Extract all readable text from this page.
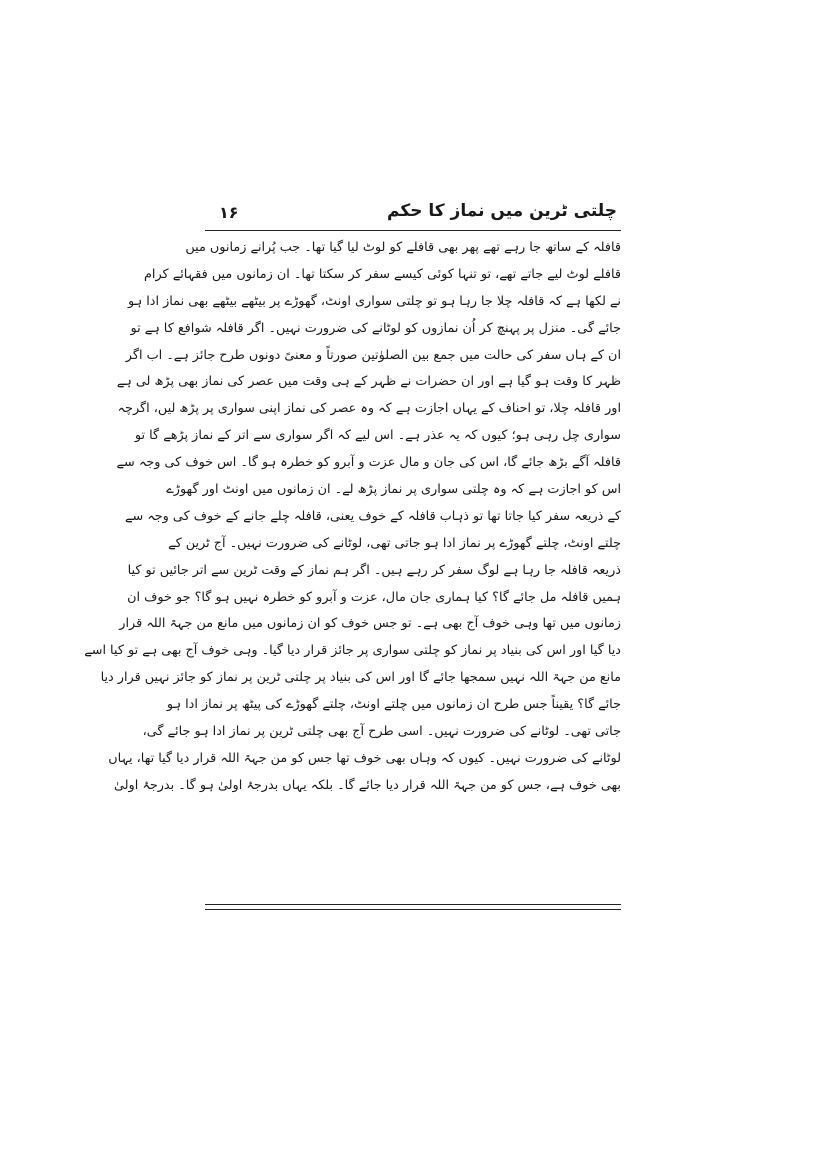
چلتی ٹرین میں نماز کا حکم
۱۶
قافلہ کے ساتھ جا رہے تھے پھر بھی قافلے کو لوٹ لیا گیا تھا۔ جب پُرانے زمانوں میں
قافلے لوٹ لیے جاتے تھے، تو تنہا کوئی کیسے سفر کر سکتا تھا۔ ان زمانوں میں فقہائے کرام
نے لکھا ہے کہ قافلہ چلا جا رہا ہو تو چلتی سواری اونٹ، گھوڑے پر بیٹھے بیٹھے بھی نماز ادا ہو
جائے گی۔ منزل پر پہنچ کر اُن نمازوں کو لوٹانے کی ضرورت نہیں۔ اگر قافلہ شوافع کا ہے تو
ان کے ہاں سفر کی حالت میں جمع بین الصلوٰتین صورتاً و معنیً دونوں طرح جائز ہے۔ اب اگر
ظہر کا وقت ہو گیا ہے اور ان حضرات نے ظہر کے ہی وقت میں عصر کی نماز بھی پڑھ لی ہے
اور قافلہ چلا، تو احناف کے یہاں اجازت ہے کہ وہ عصر کی نماز اپنی سواری پر پڑھ لیں، اگرچہ
سواری چل رہی ہو؛ کیوں کہ یہ عذر ہے۔ اس لیے کہ اگر سواری سے اتر کے نماز پڑھے گا تو
قافلہ آگے بڑھ جائے گا، اس کی جان و مال عزت و آبرو کو خطرہ ہو گا۔ اس خوف کی وجہ سے
اس کو اجازت ہے کہ وہ چلتی سواری پر نماز پڑھ لے۔ ان زمانوں میں اونٹ اور گھوڑے
کے ذریعہ سفر کیا جاتا تھا تو ذہاب قافلہ کے خوف یعنی، قافلہ چلے جانے کے خوف کی وجہ سے
چلتے اونٹ، چلتے گھوڑے پر نماز ادا ہو جاتی تھی، لوٹانے کی ضرورت نہیں۔ آج ٹرین کے
ذریعہ قافلہ جا رہا ہے لوگ سفر کر رہے ہیں۔ اگر ہم نماز کے وقت ٹرین سے اتر جائیں تو کیا
ہمیں قافلہ مل جائے گا؟ کیا ہماری جان مال، عزت و آبرو کو خطرہ نہیں ہو گا؟ جو خوف ان
زمانوں میں تھا وہی خوف آج بھی ہے۔ تو جس خوف کو ان زمانوں میں مانع من جہۃ اللہ قرار
دیا گیا اور اس کی بنیاد پر نماز کو چلتی سواری پر جائز قرار دیا گیا۔ وہی خوف آج بھی ہے تو کیا اسے
مانع من جہۃ اللہ نہیں سمجھا جائے گا اور اس کی بنیاد پر چلتی ٹرین پر نماز کو جائز نہیں قرار دیا
جائے گا؟ یقیناً جس طرح ان زمانوں میں چلتے اونٹ، چلتے گھوڑے کی پیٹھ پر نماز ادا ہو
جاتی تھی۔ لوٹانے کی ضرورت نہیں۔ اسی طرح آج بھی چلتی ٹرین پر نماز ادا ہو جائے گی،
لوٹانے کی ضرورت نہیں۔ کیوں کہ وہاں بھی خوف تھا جس کو من جہۃ اللہ قرار دیا گیا تھا، یہاں
بھی خوف ہے، جس کو من جہۃ اللہ قرار دیا جائے گا۔ بلکہ یہاں بدرجۂ اولیٰ ہو گا۔ بدرجۂ اولیٰ
